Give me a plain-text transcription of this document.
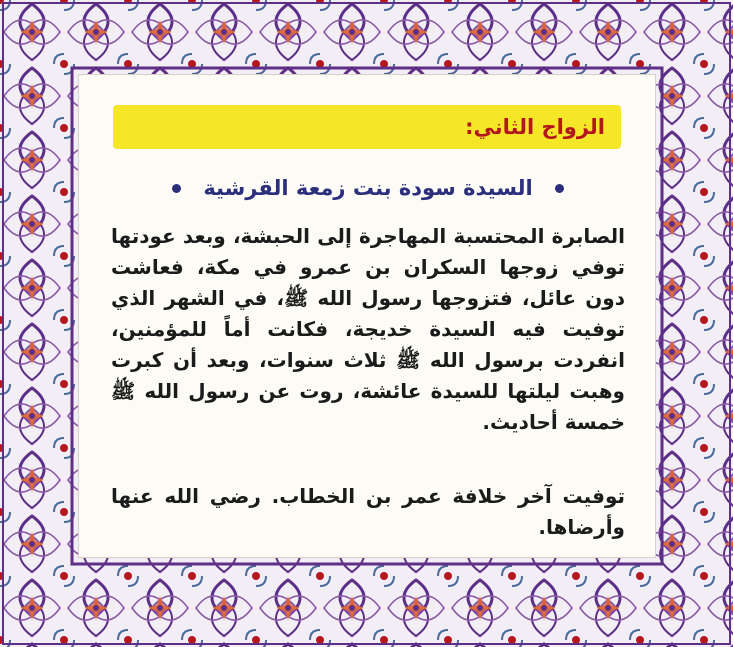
الزواج الثاني:
السيدة سودة بنت زمعة القرشية

الصابرة المحتسبة المهاجرة إلى الحبشة، وبعد عودتها توفي زوجها السكران بن عمرو في مكة، فعاشت دون عائل، فتزوجها رسول الله ﷺ، في الشهر الذي توفيت فيه السيدة خديجة، فكانت أماً للمؤمنين، انفردت برسول الله ﷺ ثلاث سنوات، وبعد أن كبرت وهبت ليلتها للسيدة عائشة، روت عن رسول الله ﷺ خمسة أحاديث.

توفيت آخر خلافة عمر بن الخطاب. رضي الله عنها وأرضاها.
